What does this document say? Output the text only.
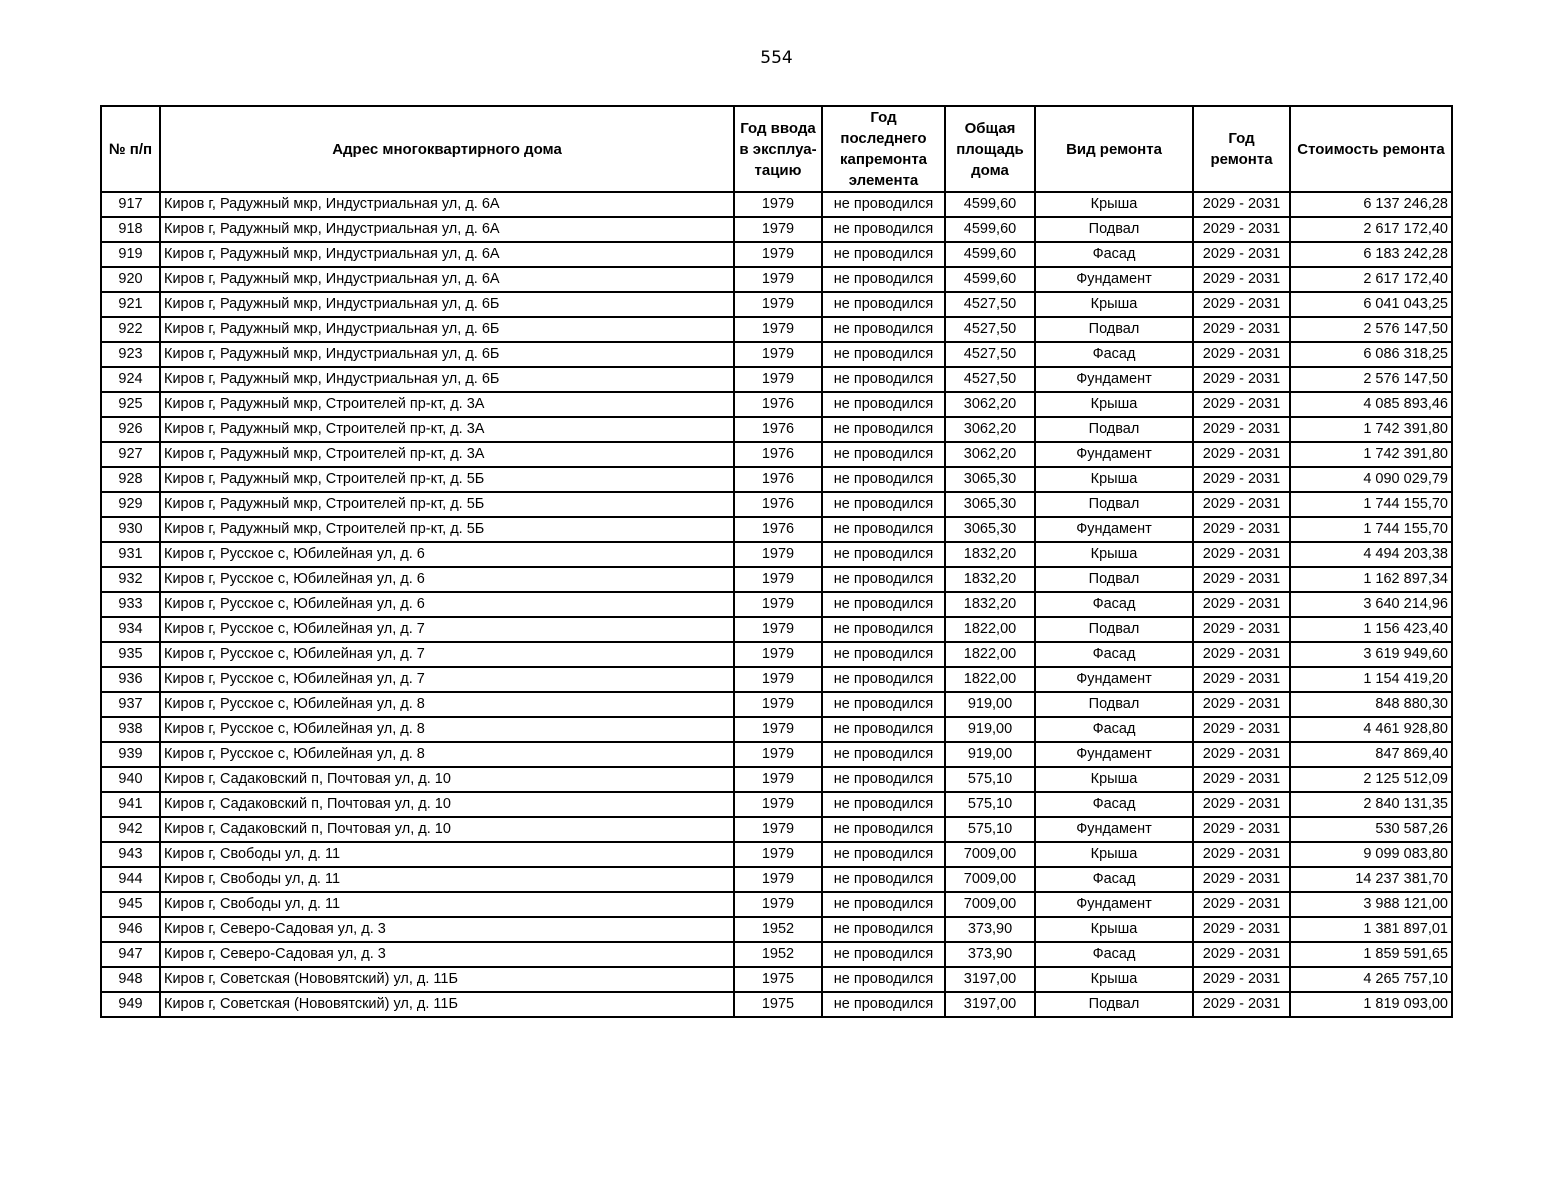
554
№ п/п	Адрес многоквартирного дома	Год ввода в эксплуа-тацию	Год последнего капремонта элемента	Общая площадь дома	Вид ремонта	Год ремонта	Стоимость ремонта
917	Киров г, Радужный мкр, Индустриальная ул, д. 6А	1979	не проводился	4599,60	Крыша	2029 - 2031	6 137 246,28
918	Киров г, Радужный мкр, Индустриальная ул, д. 6А	1979	не проводился	4599,60	Подвал	2029 - 2031	2 617 172,40
919	Киров г, Радужный мкр, Индустриальная ул, д. 6А	1979	не проводился	4599,60	Фасад	2029 - 2031	6 183 242,28
920	Киров г, Радужный мкр, Индустриальная ул, д. 6А	1979	не проводился	4599,60	Фундамент	2029 - 2031	2 617 172,40
921	Киров г, Радужный мкр, Индустриальная ул, д. 6Б	1979	не проводился	4527,50	Крыша	2029 - 2031	6 041 043,25
922	Киров г, Радужный мкр, Индустриальная ул, д. 6Б	1979	не проводился	4527,50	Подвал	2029 - 2031	2 576 147,50
923	Киров г, Радужный мкр, Индустриальная ул, д. 6Б	1979	не проводился	4527,50	Фасад	2029 - 2031	6 086 318,25
924	Киров г, Радужный мкр, Индустриальная ул, д. 6Б	1979	не проводился	4527,50	Фундамент	2029 - 2031	2 576 147,50
925	Киров г, Радужный мкр, Строителей пр-кт, д. 3А	1976	не проводился	3062,20	Крыша	2029 - 2031	4 085 893,46
926	Киров г, Радужный мкр, Строителей пр-кт, д. 3А	1976	не проводился	3062,20	Подвал	2029 - 2031	1 742 391,80
927	Киров г, Радужный мкр, Строителей пр-кт, д. 3А	1976	не проводился	3062,20	Фундамент	2029 - 2031	1 742 391,80
928	Киров г, Радужный мкр, Строителей пр-кт, д. 5Б	1976	не проводился	3065,30	Крыша	2029 - 2031	4 090 029,79
929	Киров г, Радужный мкр, Строителей пр-кт, д. 5Б	1976	не проводился	3065,30	Подвал	2029 - 2031	1 744 155,70
930	Киров г, Радужный мкр, Строителей пр-кт, д. 5Б	1976	не проводился	3065,30	Фундамент	2029 - 2031	1 744 155,70
931	Киров г, Русское с, Юбилейная ул, д. 6	1979	не проводился	1832,20	Крыша	2029 - 2031	4 494 203,38
932	Киров г, Русское с, Юбилейная ул, д. 6	1979	не проводился	1832,20	Подвал	2029 - 2031	1 162 897,34
933	Киров г, Русское с, Юбилейная ул, д. 6	1979	не проводился	1832,20	Фасад	2029 - 2031	3 640 214,96
934	Киров г, Русское с, Юбилейная ул, д. 7	1979	не проводился	1822,00	Подвал	2029 - 2031	1 156 423,40
935	Киров г, Русское с, Юбилейная ул, д. 7	1979	не проводился	1822,00	Фасад	2029 - 2031	3 619 949,60
936	Киров г, Русское с, Юбилейная ул, д. 7	1979	не проводился	1822,00	Фундамент	2029 - 2031	1 154 419,20
937	Киров г, Русское с, Юбилейная ул, д. 8	1979	не проводился	919,00	Подвал	2029 - 2031	848 880,30
938	Киров г, Русское с, Юбилейная ул, д. 8	1979	не проводился	919,00	Фасад	2029 - 2031	4 461 928,80
939	Киров г, Русское с, Юбилейная ул, д. 8	1979	не проводился	919,00	Фундамент	2029 - 2031	847 869,40
940	Киров г, Садаковский п, Почтовая ул, д. 10	1979	не проводился	575,10	Крыша	2029 - 2031	2 125 512,09
941	Киров г, Садаковский п, Почтовая ул, д. 10	1979	не проводился	575,10	Фасад	2029 - 2031	2 840 131,35
942	Киров г, Садаковский п, Почтовая ул, д. 10	1979	не проводился	575,10	Фундамент	2029 - 2031	530 587,26
943	Киров г, Свободы ул, д. 11	1979	не проводился	7009,00	Крыша	2029 - 2031	9 099 083,80
944	Киров г, Свободы ул, д. 11	1979	не проводился	7009,00	Фасад	2029 - 2031	14 237 381,70
945	Киров г, Свободы ул, д. 11	1979	не проводился	7009,00	Фундамент	2029 - 2031	3 988 121,00
946	Киров г, Северо-Садовая ул, д. 3	1952	не проводился	373,90	Крыша	2029 - 2031	1 381 897,01
947	Киров г, Северо-Садовая ул, д. 3	1952	не проводился	373,90	Фасад	2029 - 2031	1 859 591,65
948	Киров г, Советская (Нововятский) ул, д. 11Б	1975	не проводился	3197,00	Крыша	2029 - 2031	4 265 757,10
949	Киров г, Советская (Нововятский) ул, д. 11Б	1975	не проводился	3197,00	Подвал	2029 - 2031	1 819 093,00
